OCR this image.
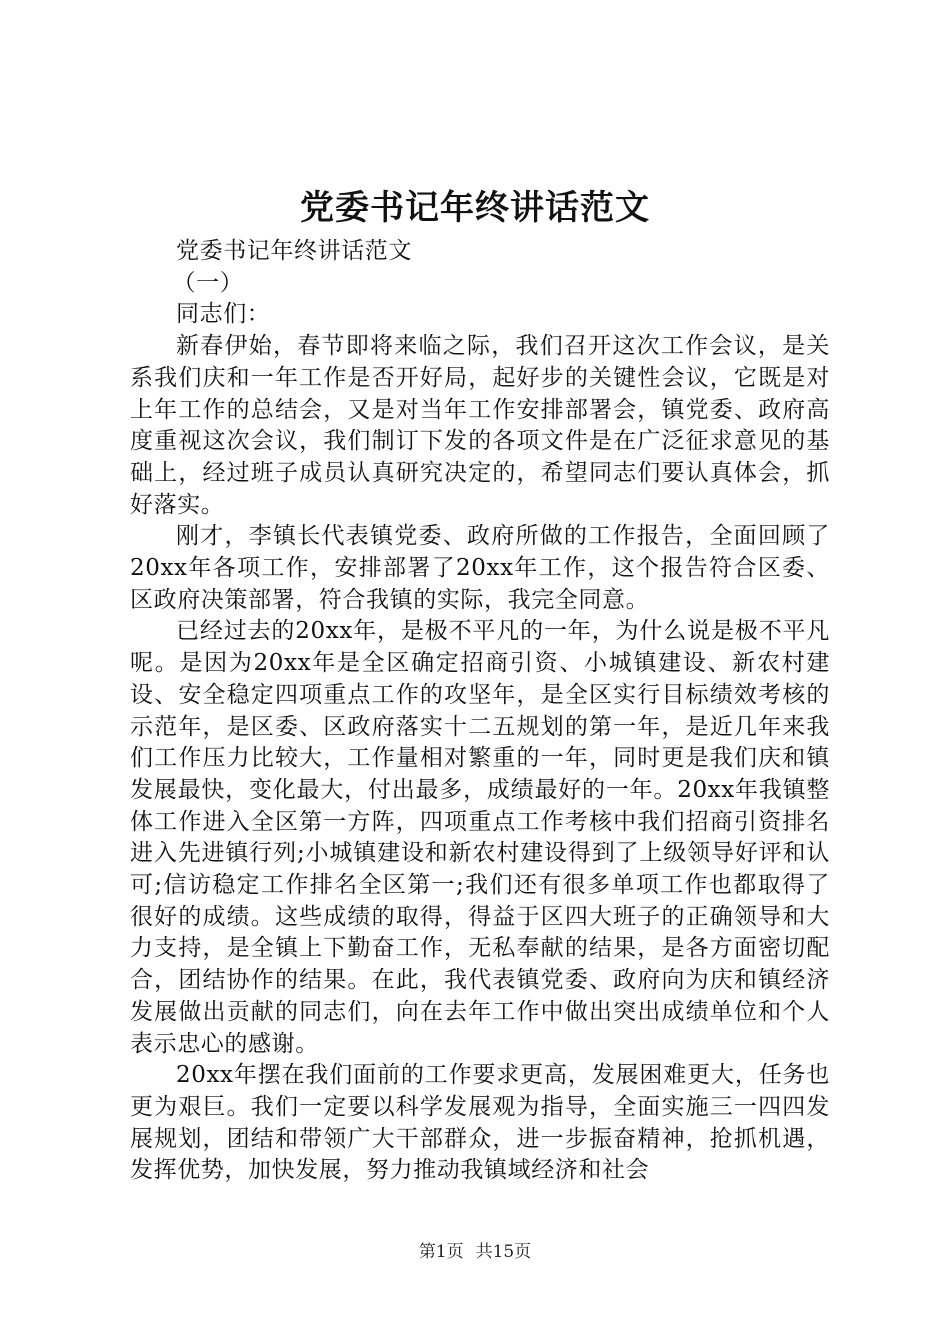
党委书记年终讲话范文

党委书记年终讲话范文

（一）

同志们：

新春伊始，春节即将来临之际，我们召开这次工作会议，是关系我们庆和一年工作是否开好局，起好步的关键性会议，它既是对上年工作的总结会，又是对当年工作安排部署会，镇党委、政府高度重视这次会议，我们制订下发的各项文件是在广泛征求意见的基础上，经过班子成员认真研究决定的，希望同志们要认真体会，抓好落实。

刚才，李镇长代表镇党委、政府所做的工作报告，全面回顾了20xx年各项工作，安排部署了20xx年工作，这个报告符合区委、区政府决策部署，符合我镇的实际，我完全同意。

已经过去的20xx年，是极不平凡的一年，为什么说是极不平凡呢。是因为20xx年是全区确定招商引资、小城镇建设、新农村建设、安全稳定四项重点工作的攻坚年，是全区实行目标绩效考核的示范年，是区委、区政府落实十二五规划的第一年，是近几年来我们工作压力比较大，工作量相对繁重的一年，同时更是我们庆和镇发展最快，变化最大，付出最多，成绩最好的一年。20xx年我镇整体工作进入全区第一方阵，四项重点工作考核中我们招商引资排名进入先进镇行列;小城镇建设和新农村建设得到了上级领导好评和认可;信访稳定工作排名全区第一;我们还有很多单项工作也都取得了很好的成绩。这些成绩的取得，得益于区四大班子的正确领导和大力支持，是全镇上下勤奋工作，无私奉献的结果，是各方面密切配合，团结协作的结果。在此，我代表镇党委、政府向为庆和镇经济发展做出贡献的同志们，向在去年工作中做出突出成绩单位和个人表示忠心的感谢。

20xx年摆在我们面前的工作要求更高，发展困难更大，任务也更为艰巨。我们一定要以科学发展观为指导，全面实施三一四四发展规划，团结和带领广大干部群众，进一步振奋精神，抢抓机遇，发挥优势，加快发展，努力推动我镇域经济和社会

第1页 共15页
